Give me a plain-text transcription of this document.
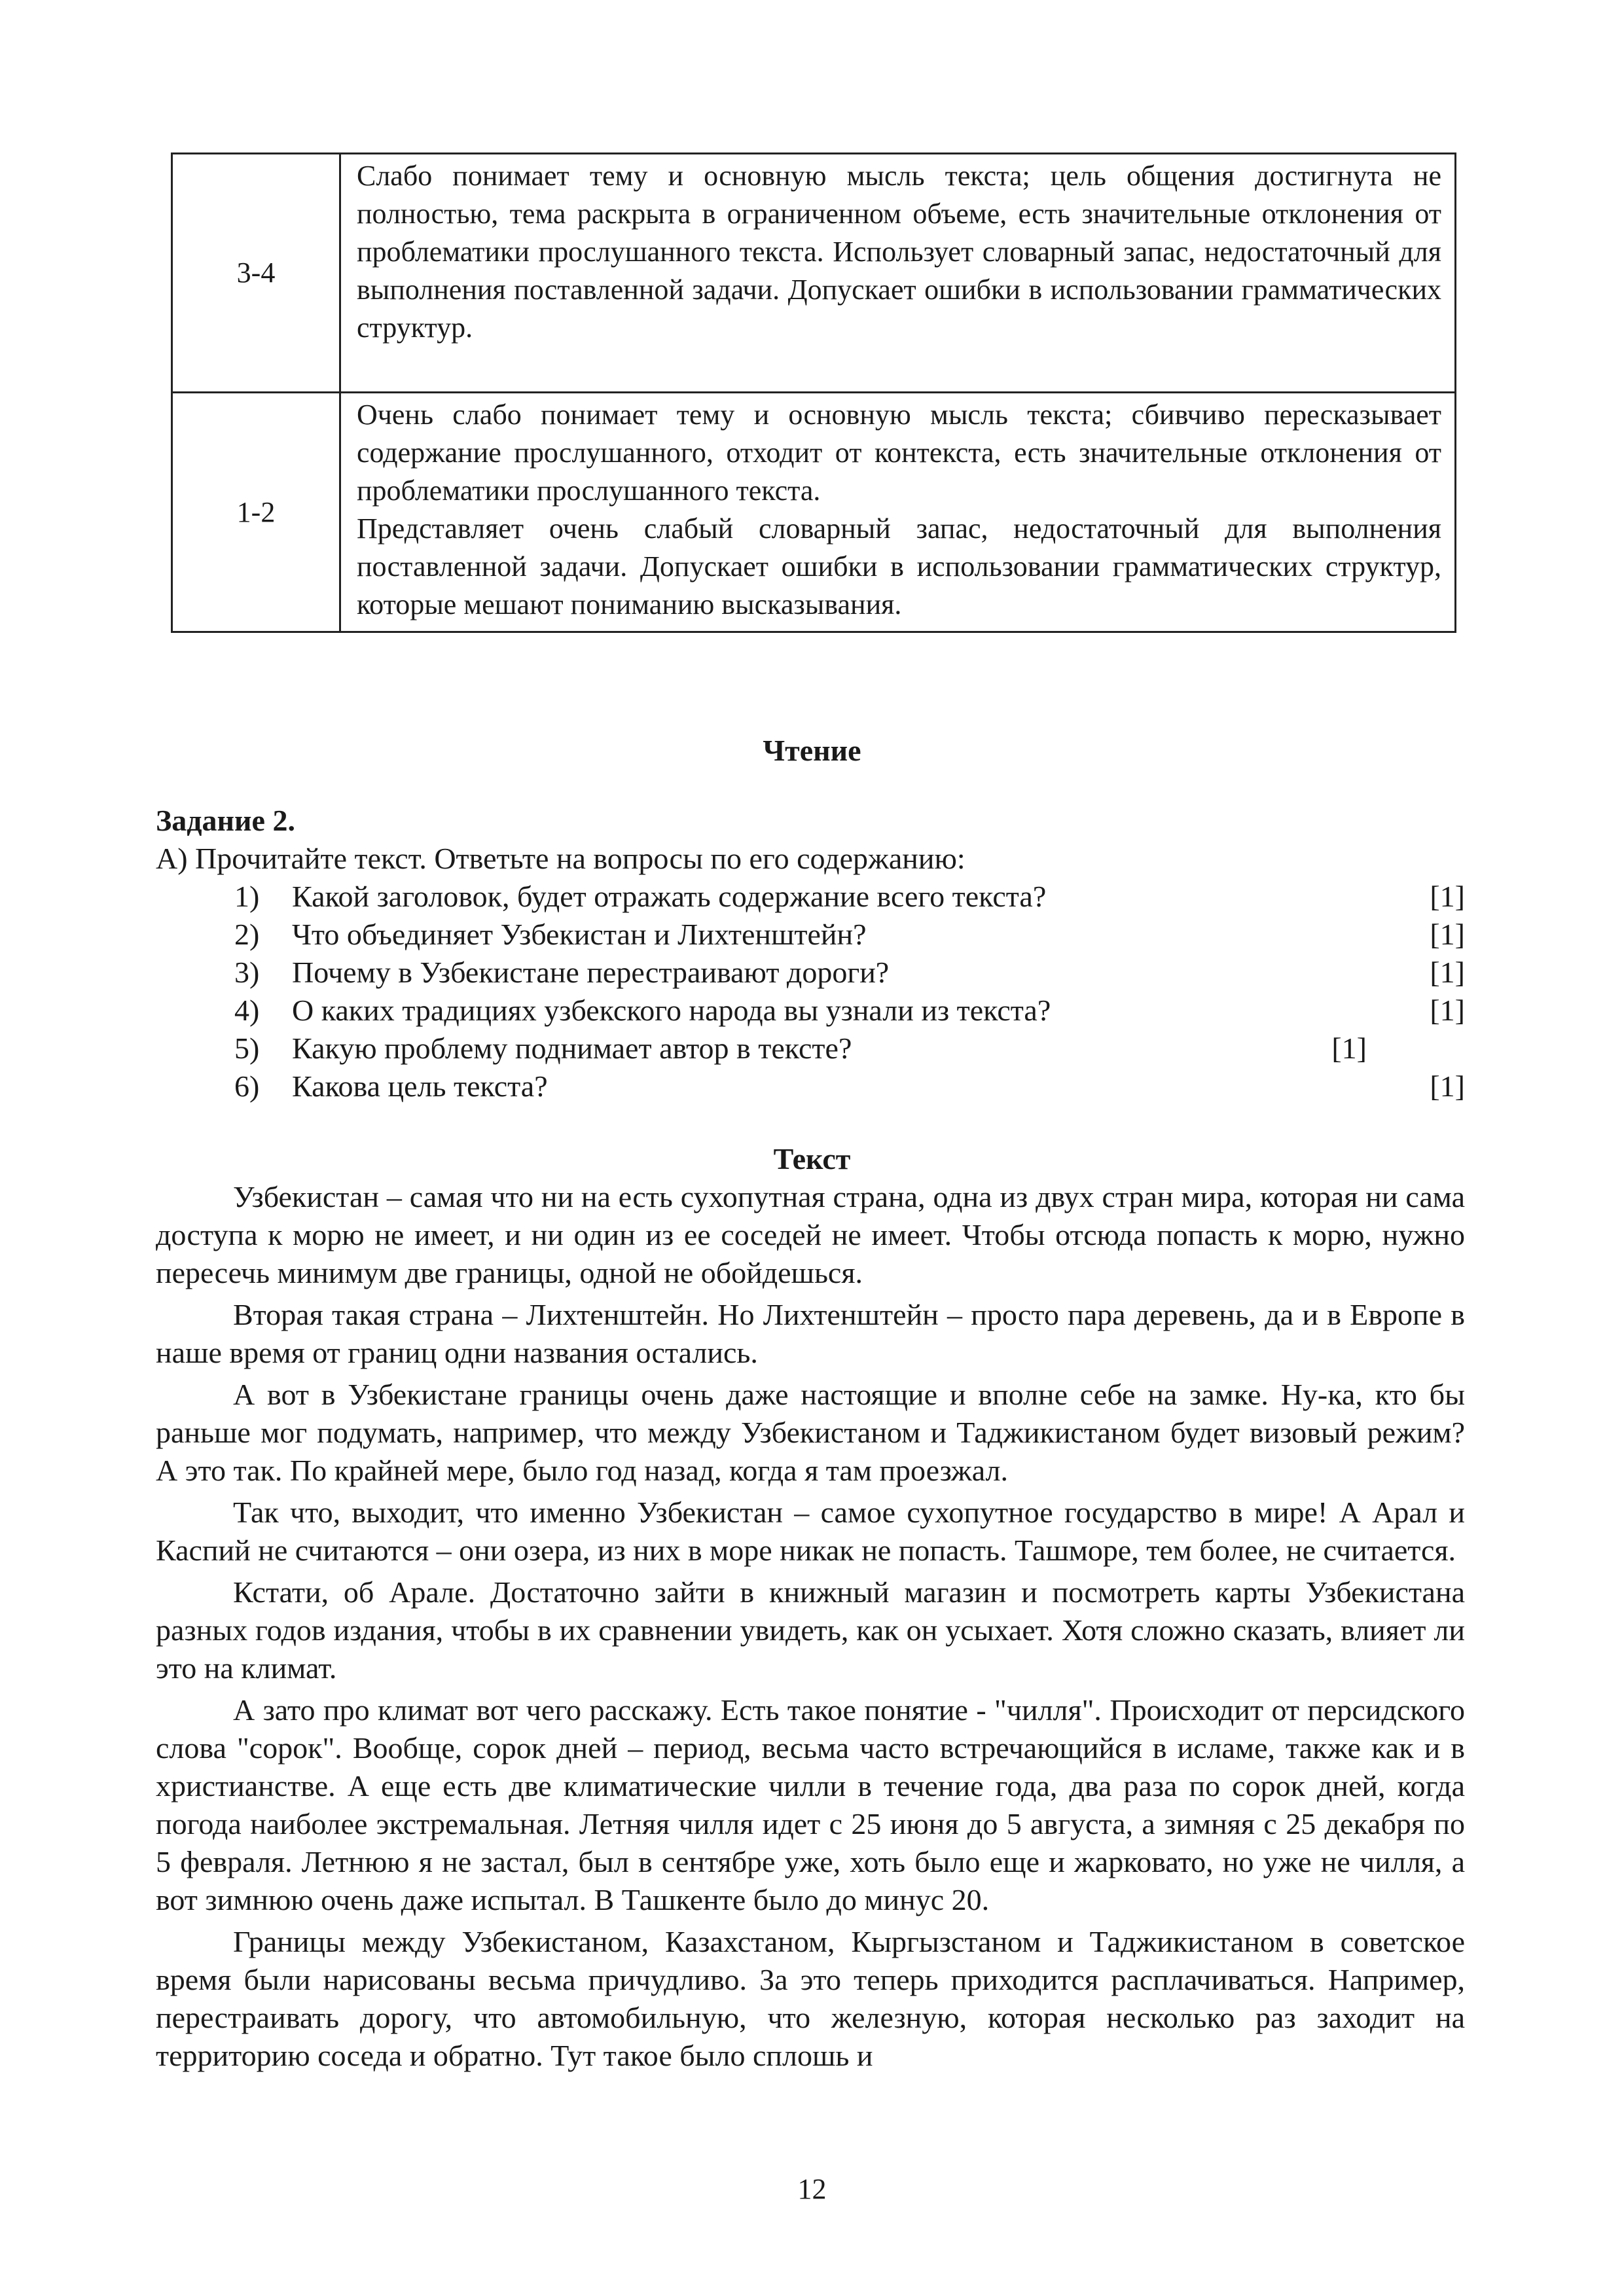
3-4	Слабо понимает тему и основную мысль текста; цель общения достигнута не полностью, тема раскрыта в ограниченном объеме, есть значительные отклонения от проблематики прослушанного текста. Использует словарный запас, недостаточный для выполнения поставленной задачи. Допускает ошибки в использовании грамматических структур.

1-2	Очень слабо понимает тему и основную мысль текста; сбивчиво пересказывает содержание прослушанного, отходит от контекста, есть значительные отклонения от проблематики прослушанного текста.

Представляет очень слабый словарный запас, недостаточный для выполнения поставленной задачи. Допускает ошибки в использовании грамматических структур, которые мешают пониманию высказывания.

Чтение

Задание 2.

А) Прочитайте текст. Ответьте на вопросы по его содержанию:

1) Какой заголовок, будет отражать содержание всего текста?	[1]
2) Что объединяет Узбекистан и Лихтенштейн?	[1]
3) Почему в Узбекистане перестраивают дороги?	[1]
4) О каких традициях узбекского народа вы узнали из текста?	[1]
5) Какую проблему поднимает автор в тексте?	[1]
6) Какова цель текста?	[1]
Текст

Узбекистан – самая что ни на есть сухопутная страна, одна из двух стран мира, которая ни сама доступа к морю не имеет, и ни один из ее соседей не имеет. Чтобы отсюда попасть к морю, нужно пересечь минимум две границы, одной не обойдешься.

Вторая такая страна – Лихтенштейн. Но Лихтенштейн – просто пара деревень, да и в Европе в наше время от границ одни названия остались.

А вот в Узбекистане границы очень даже настоящие и вполне себе на замке. Ну-ка, кто бы раньше мог подумать, например, что между Узбекистаном и Таджикистаном будет визовый режим? А это так. По крайней мере, было год назад, когда я там проезжал.

Так что, выходит, что именно Узбекистан – самое сухопутное государство в мире! А Арал и Каспий не считаются – они озера, из них в море никак не попасть. Ташморе, тем более, не считается.

Кстати, об Арале. Достаточно зайти в книжный магазин и посмотреть карты Узбекистана разных годов издания, чтобы в их сравнении увидеть, как он усыхает. Хотя сложно сказать, влияет ли это на климат.

А зато про климат вот чего расскажу. Есть такое понятие - "чилля". Происходит от персидского слова "сорок". Вообще, сорок дней – период, весьма часто встречающийся в исламе, также как и в христианстве. А еще есть две климатические чилли в течение года, два раза по сорок дней, когда погода наиболее экстремальная. Летняя чилля идет с 25 июня до 5 августа, а зимняя с 25 декабря по 5 февраля. Летнюю я не застал, был в сентябре уже, хоть было еще и жарковато, но уже не чилля, а вот зимнюю очень даже испытал. В Ташкенте было до минус 20.

Границы между Узбекистаном, Казахстаном, Кыргызстаном и Таджикистаном в советское время были нарисованы весьма причудливо. За это теперь приходится расплачиваться. Например, перестраивать дорогу, что автомобильную, что железную, которая несколько раз заходит на территорию соседа и обратно. Тут такое было сплошь и

12
